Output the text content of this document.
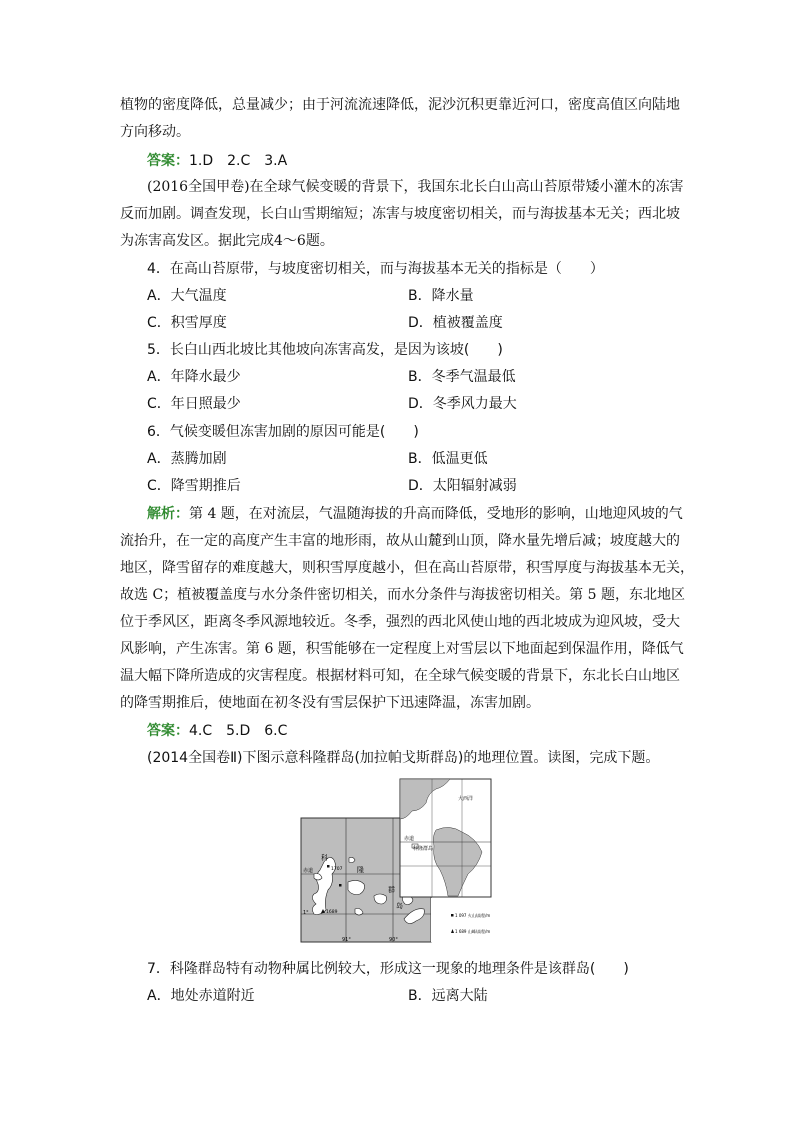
植物的密度降低，总量减少；由于河流流速降低，泥沙沉积更靠近河口，密度高值区向陆地
方向移动。
答案：1.D　2.C　3.A
(2016全国甲卷)在全球气候变暖的背景下，我国东北长白山高山苔原带矮小灌木的冻害
反而加剧。调查发现，长白山雪期缩短；冻害与坡度密切相关，而与海拔基本无关；西北坡
为冻害高发区。据此完成4～6题。
4．在高山苔原带，与坡度密切相关，而与海拔基本无关的指标是（　　）
A．大气温度	B．降水量
C．积雪厚度	D．植被覆盖度
5．长白山西北坡比其他坡向冻害高发，是因为该坡(　　)
A．年降水最少	B．冬季气温最低
C．年日照最少	D．冬季风力最大
6．气候变暖但冻害加剧的原因可能是(　　)
A．蒸腾加剧	B．低温更低
C．降雪期推后	D．太阳辐射减弱
解析：第 4 题，在对流层，气温随海拔的升高而降低，受地形的影响，山地迎风坡的气
流抬升，在一定的高度产生丰富的地形雨，故从山麓到山顶，降水量先增后减；坡度越大的
地区，降雪留存的难度越大，则积雪厚度越小，但在高山苔原带，积雪厚度与海拔基本无关，
故选 C；植被覆盖度与水分条件密切相关，而水分条件与海拔密切相关。第 5 题，东北地区
位于季风区，距离冬季风源地较近。冬季，强烈的西北风使山地的西北坡成为迎风坡，受大
风影响，产生冻害。第 6 题，积雪能够在一定程度上对雪层以下地面起到保温作用，降低气
温大幅下降所造成的灾害程度。根据材料可知，在全球气候变暖的背景下，东北长白山地区
的降雪期推后，使地面在初冬没有雪层保护下迅速降温，冻害加剧。
答案：4.C　5.D　6.C
(2014全国卷Ⅱ)下图示意科隆群岛(加拉帕戈斯群岛)的地理位置。读图，完成下题。
科
隆
群
岛
赤道	1707
1689
1°
91°	90°
1 097 火山/高程/m
1 689 山峰/高程/m
大西洋
赤道
科隆群岛
7．科隆群岛特有动物种属比例较大，形成这一现象的地理条件是该群岛(　　)
A．地处赤道附近	B．远离大陆
